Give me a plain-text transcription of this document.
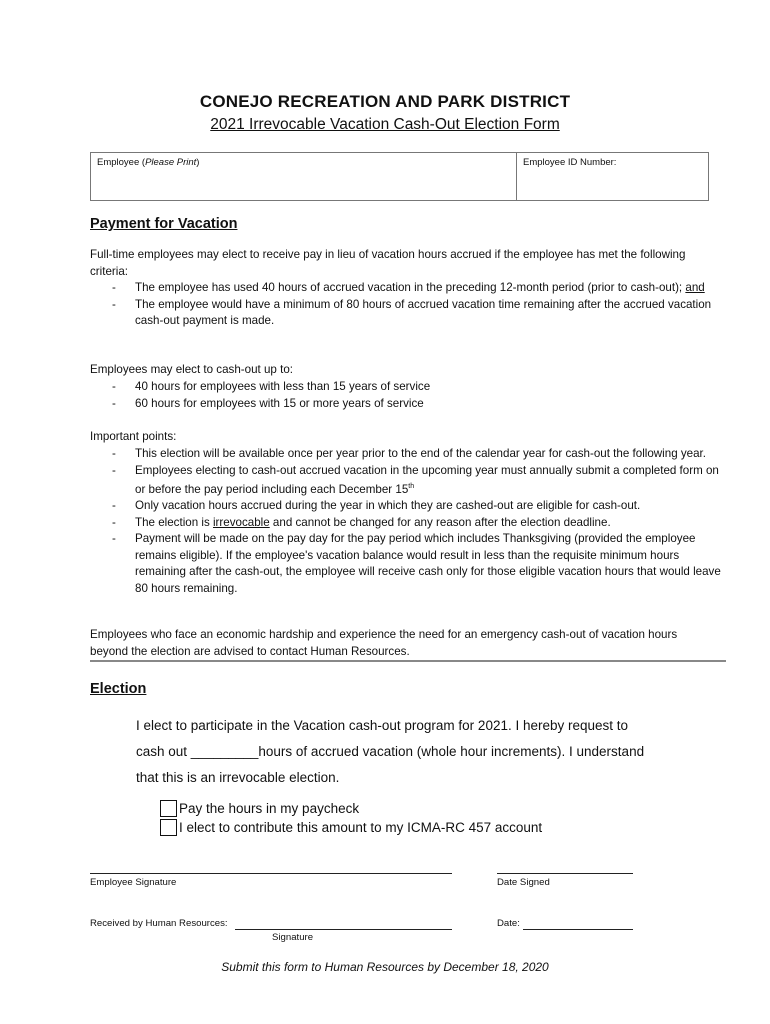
CONEJO RECREATION AND PARK DISTRICT
2021 Irrevocable Vacation Cash-Out Election Form
Employee (Please Print)	Employee ID Number:
Payment for Vacation
Full-time employees may elect to receive pay in lieu of vacation hours accrued if the employee has met the following criteria:
- The employee has used 40 hours of accrued vacation in the preceding 12-month period (prior to cash-out); and
- The employee would have a minimum of 80 hours of accrued vacation time remaining after the accrued vacation cash-out payment is made.
Employees may elect to cash-out up to:
- 40 hours for employees with less than 15 years of service
- 60 hours for employees with 15 or more years of service
Important points:
- This election will be available once per year prior to the end of the calendar year for cash-out the following year.
- Employees electing to cash-out accrued vacation in the upcoming year must annually submit a completed form on or before the pay period including each December 15th
- Only vacation hours accrued during the year in which they are cashed-out are eligible for cash-out.
- The election is irrevocable and cannot be changed for any reason after the election deadline.
- Payment will be made on the pay day for the pay period which includes Thanksgiving (provided the employee remains eligible). If the employee's vacation balance would result in less than the requisite minimum hours remaining after the cash-out, the employee will receive cash only for those eligible vacation hours that would leave 80 hours remaining.
Employees who face an economic hardship and experience the need for an emergency cash-out of vacation hours beyond the election are advised to contact Human Resources.
Election
I elect to participate in the Vacation cash-out program for 2021. I hereby request to
cash out _________hours of accrued vacation (whole hour increments). I understand
that this is an irrevocable election.
Pay the hours in my paycheck
I elect to contribute this amount to my ICMA-RC 457 account
Employee Signature	Date Signed
Received by Human Resources:
Signature
Date:
Submit this form to Human Resources by December 18, 2020
